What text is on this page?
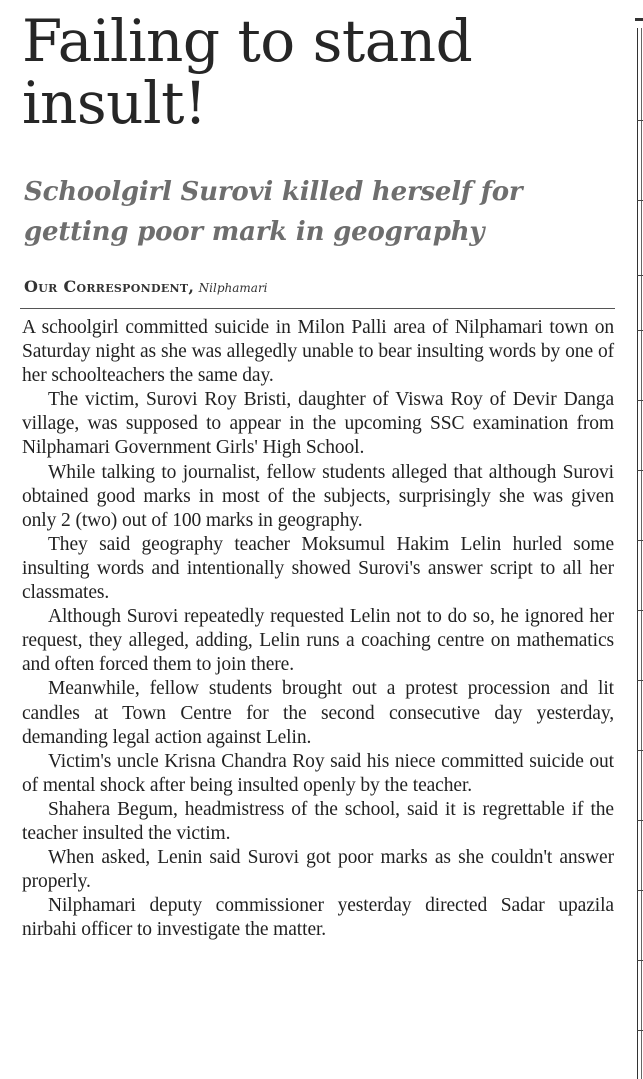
Failing to stand insult!
Schoolgirl Surovi killed herself for getting poor mark in geography
Our Correspondent, Nilphamari

A schoolgirl committed suicide in Milon Palli area of Nilphamari town on Saturday night as she was allegedly unable to bear insulting words by one of her schoolteachers the same day.

The victim, Surovi Roy Bristi, daughter of Viswa Roy of Devir Danga village, was supposed to appear in the upcoming SSC examination from Nilphamari Government Girls' High School.

While talking to journalist, fellow students alleged that although Surovi obtained good marks in most of the subjects, surprisingly she was given only 2 (two) out of 100 marks in geography.

They said geography teacher Moksumul Hakim Lelin hurled some insulting words and intentionally showed Surovi's answer script to all her classmates.

Although Surovi repeatedly requested Lelin not to do so, he ignored her request, they alleged, adding, Lelin runs a coaching centre on mathematics and often forced them to join there.

Meanwhile, fellow students brought out a protest procession and lit candles at Town Centre for the second consecutive day yesterday, demanding legal action against Lelin.

Victim's uncle Krisna Chandra Roy said his niece committed suicide out of mental shock after being insulted openly by the teacher.

Shahera Begum, headmistress of the school, said it is regrettable if the teacher insulted the victim.

When asked, Lenin said Surovi got poor marks as she couldn't answer properly.

Nilphamari deputy commissioner yesterday directed Sadar upazila nirbahi officer to investigate the matter.
